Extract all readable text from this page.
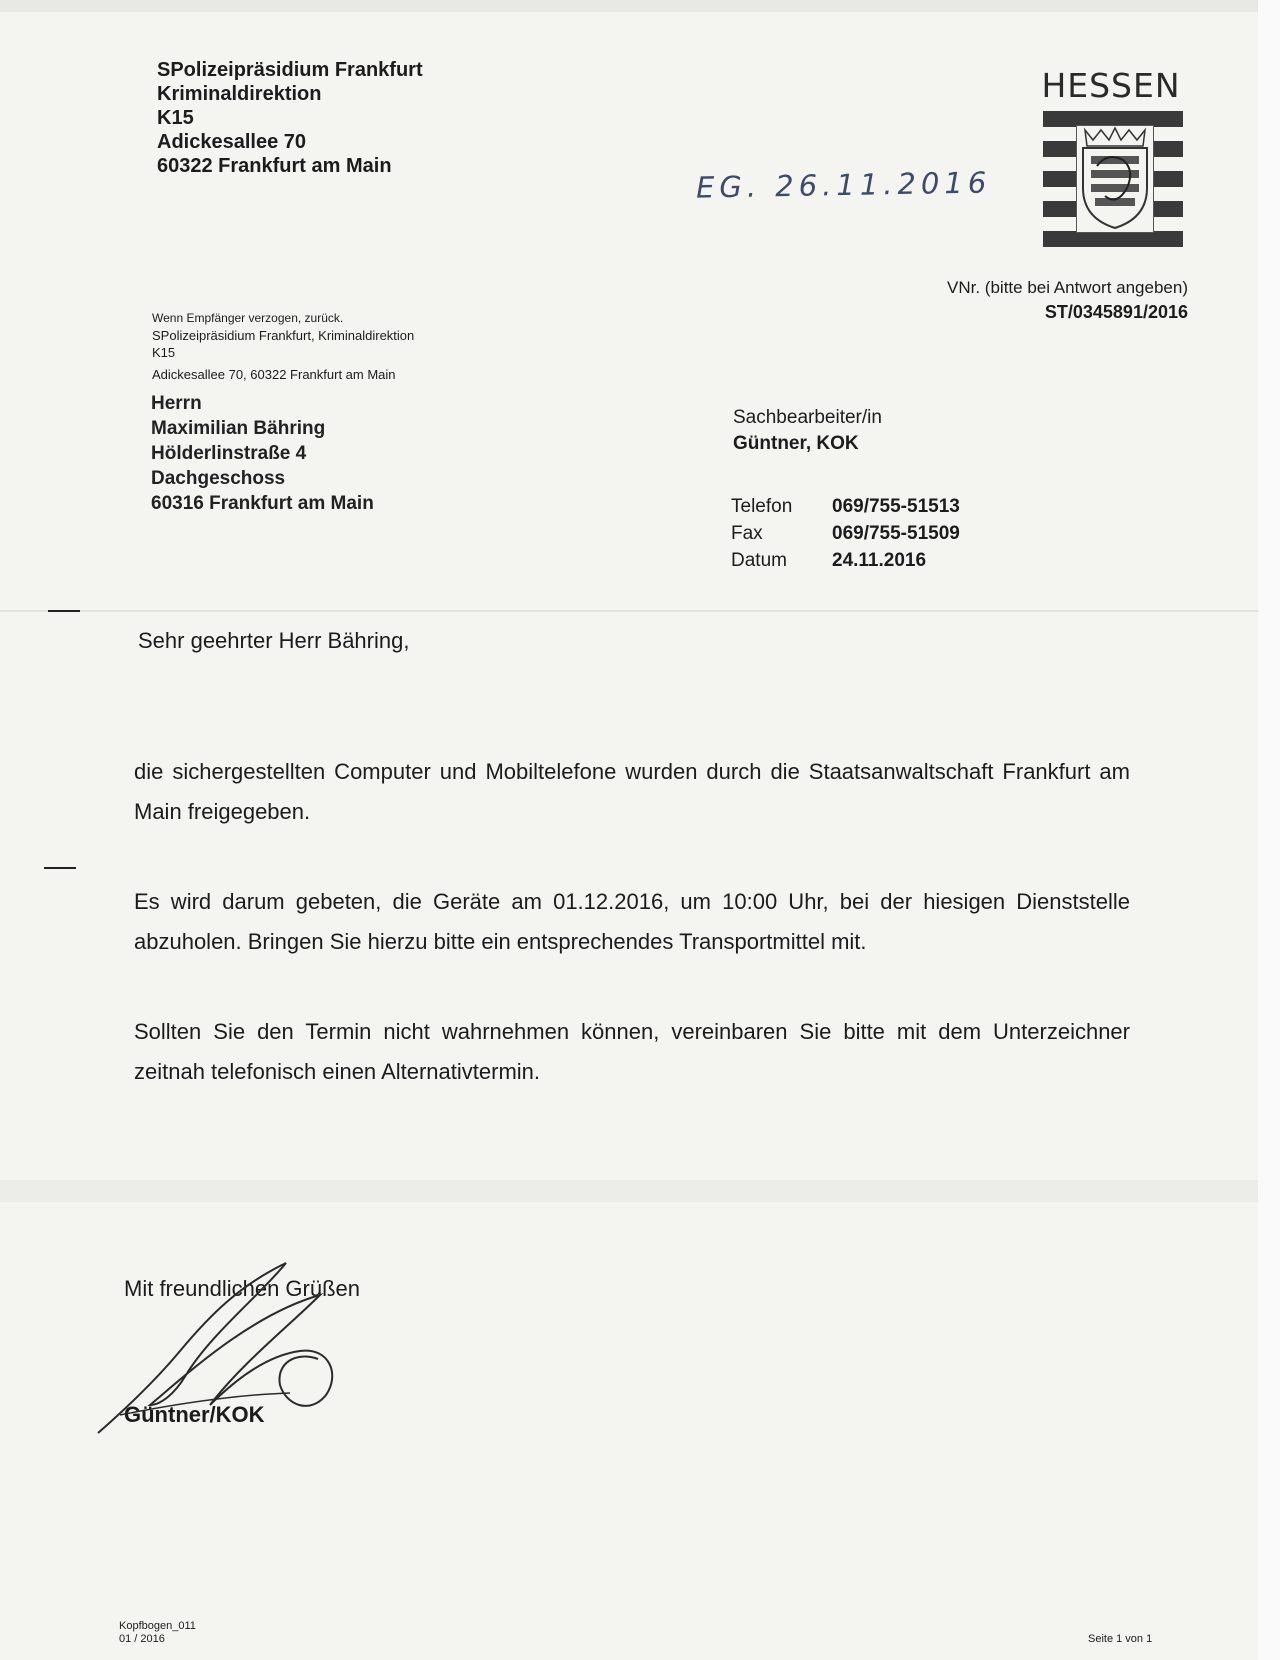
SPolizeipräsidium Frankfurt
Kriminaldirektion
K15
Adickesallee 70
60322 Frankfurt am Main
HESSEN
EG. 26.11.2016
VNr. (bitte bei Antwort angeben)
ST/0345891/2016
Wenn Empfänger verzogen, zurück.
SPolizeipräsidium Frankfurt, Kriminaldirektion
K15
Adickesallee 70, 60322 Frankfurt am Main
Herrn
Maximilian Bähring
Hölderlinstraße 4
Dachgeschoss
60316 Frankfurt am Main
Sachbearbeiter/in
Güntner, KOK
Telefon	069/755-51513
Fax	069/755-51509
Datum	24.11.2016
Sehr geehrter Herr Bähring,
die sichergestellten Computer und Mobiltelefone wurden durch die Staatsanwaltschaft Frankfurt am Main freigegeben.
Es wird darum gebeten, die Geräte am 01.12.2016, um 10:00 Uhr, bei der hiesigen Dienststelle abzuholen. Bringen Sie hierzu bitte ein entsprechendes Transportmittel mit.
Sollten Sie den Termin nicht wahrnehmen können, vereinbaren Sie bitte mit dem Unterzeichner zeitnah telefonisch einen Alternativtermin.
Mit freundlichen Grüßen
Güntner/KOK
Kopfbogen_011
01 / 2016	Seite 1 von 1
